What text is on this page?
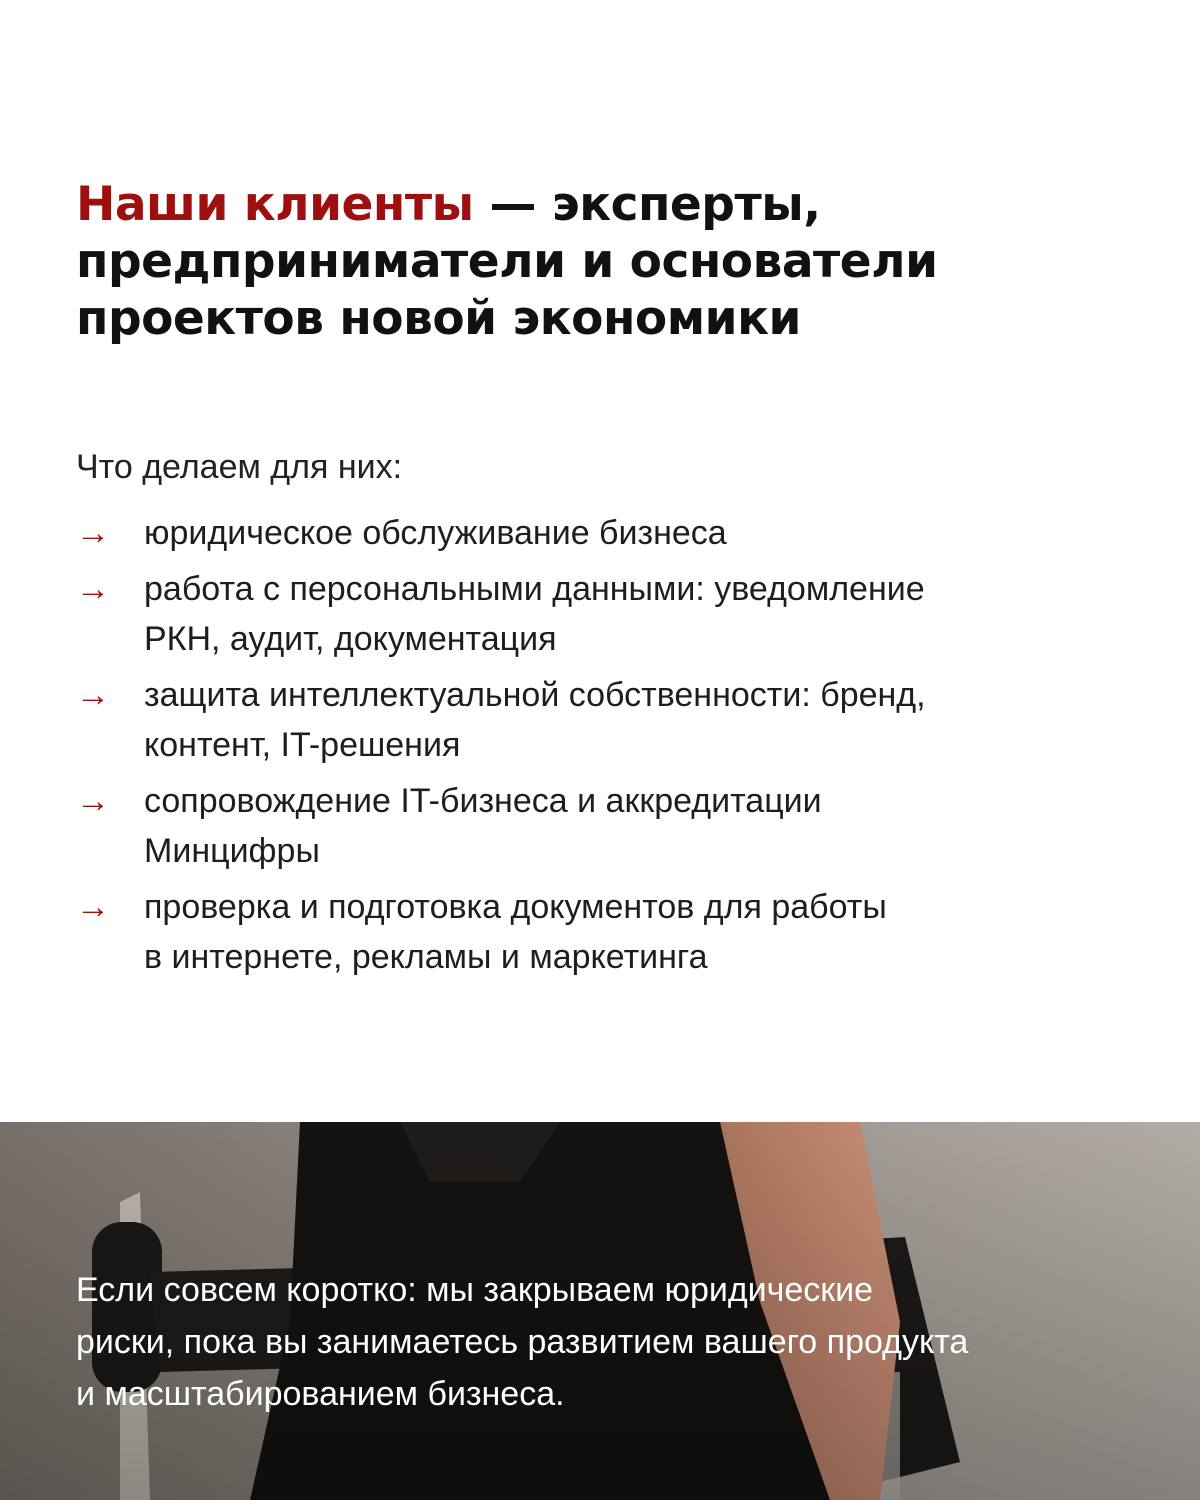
Наши клиенты — эксперты, предприниматели и основатели проектов новой экономики

Что делаем для них:

→	юридическое обслуживание бизнеса
→	работа с персональными данными: уведомление
РКН, аудит, документация
→	защита интеллектуальной собственности: бренд,
контент, IT-решения
→	сопровождение IT-бизнеса и аккредитации
Минцифры
→	проверка и подготовка документов для работы
в интернете, рекламы и маркетинга

Если совсем коротко: мы закрываем юридические
риски, пока вы занимаетесь развитием вашего продукта
и масштабированием бизнеса.
